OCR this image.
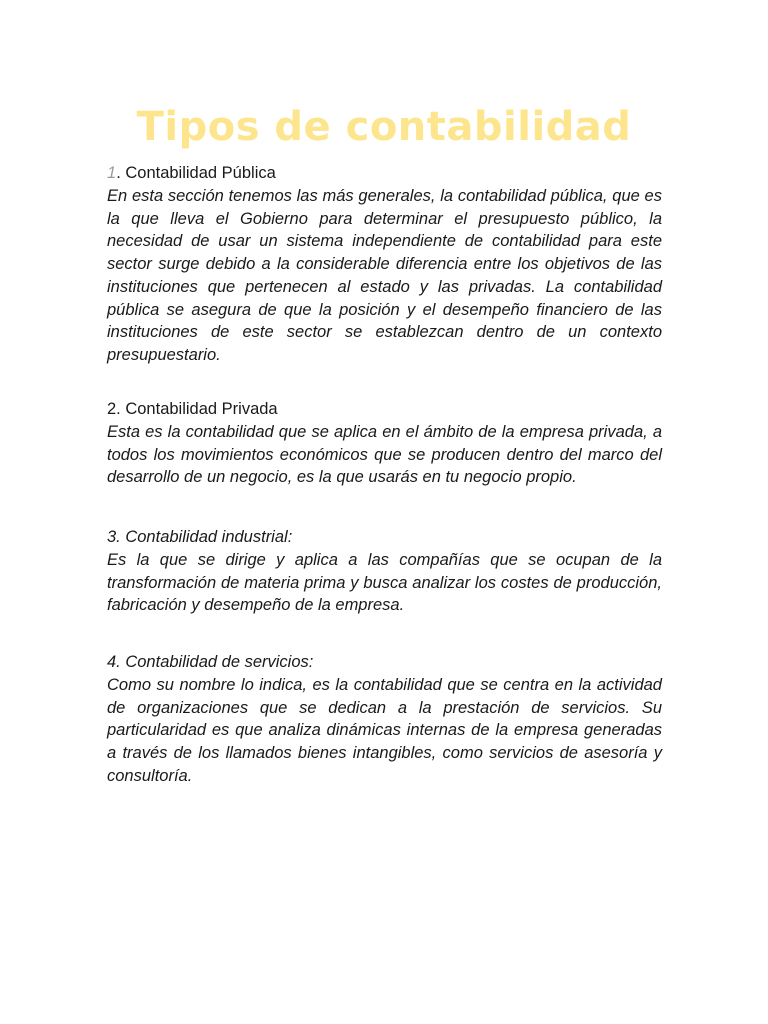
Tipos de contabilidad

1. Contabilidad Pública

En esta sección tenemos las más generales, la contabilidad pública, que es la que lleva el Gobierno para determinar el presupuesto público, la necesidad de usar un sistema independiente de contabilidad para este sector surge debido a la considerable diferencia entre los objetivos de las instituciones que pertenecen al estado y las privadas. La contabilidad pública se asegura de que la posición y el desempeño financiero de las instituciones de este sector se establezcan dentro de un contexto presupuestario.

2. Contabilidad Privada

Esta es la contabilidad que se aplica en el ámbito de la empresa privada, a todos los movimientos económicos que se producen dentro del marco del desarrollo de un negocio, es la que usarás en tu negocio propio.

3. Contabilidad industrial:

Es la que se dirige y aplica a las compañías que se ocupan de la transformación de materia prima y busca analizar los costes de producción, fabricación y desempeño de la empresa.

4. Contabilidad de servicios:

Como su nombre lo indica, es la contabilidad que se centra en la actividad de organizaciones que se dedican a la prestación de servicios. Su particularidad es que analiza dinámicas internas de la empresa generadas a través de los llamados bienes intangibles, como servicios de asesoría y consultoría.
